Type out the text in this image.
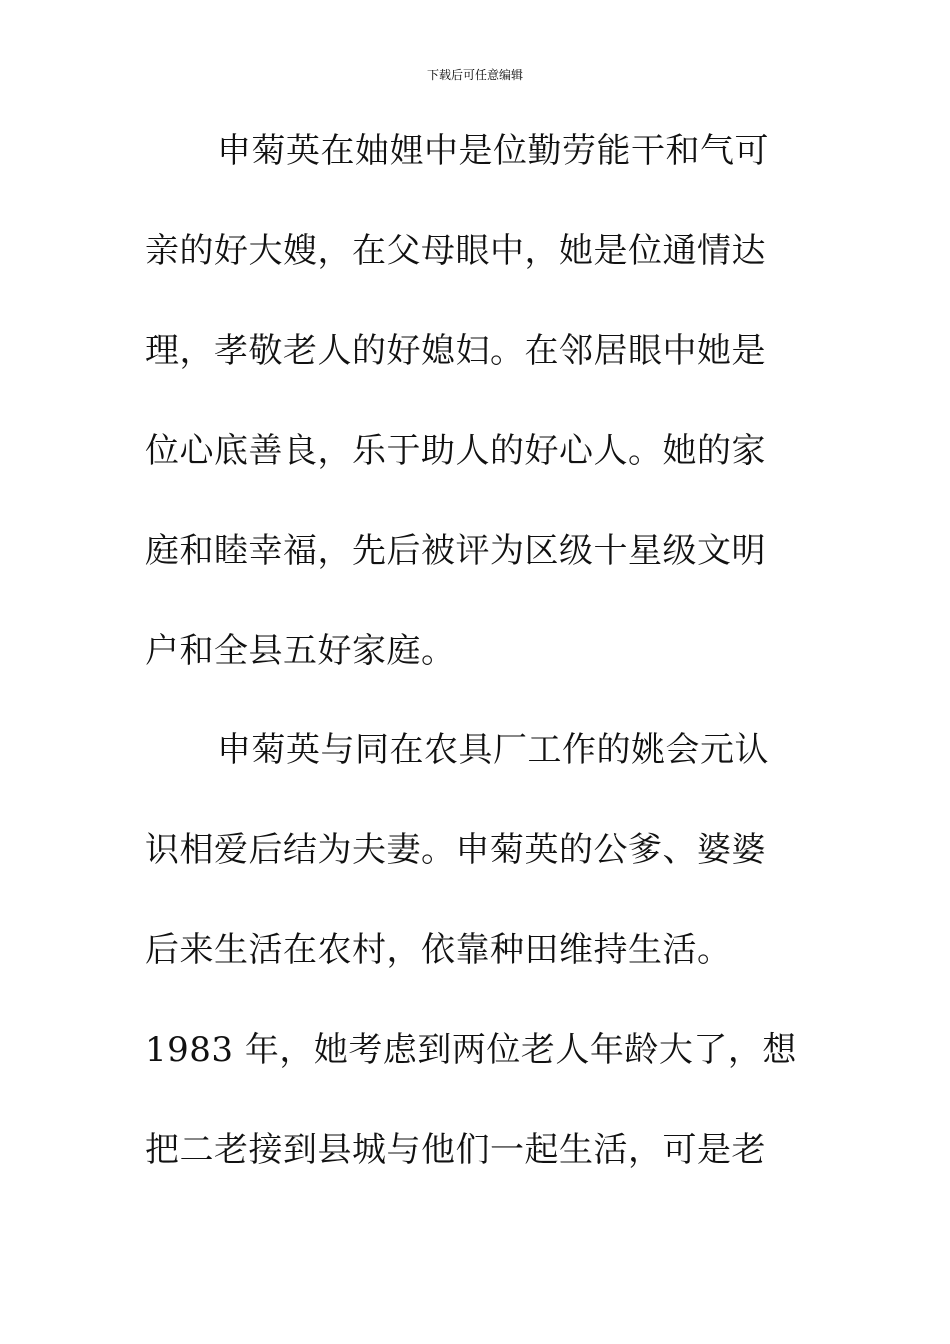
下载后可任意编辑
申菊英在妯娌中是位勤劳能干和气可
亲的好大嫂，在父母眼中，她是位通情达
理，孝敬老人的好媳妇。在邻居眼中她是
位心底善良，乐于助人的好心人。她的家
庭和睦幸福，先后被评为区级十星级文明
户和全县五好家庭。
申菊英与同在农具厂工作的姚会元认
识相爱后结为夫妻。申菊英的公爹、婆婆
后来生活在农村，依靠种田维持生活。
1983 年，她考虑到两位老人年龄大了，想
把二老接到县城与他们一起生活，可是老
